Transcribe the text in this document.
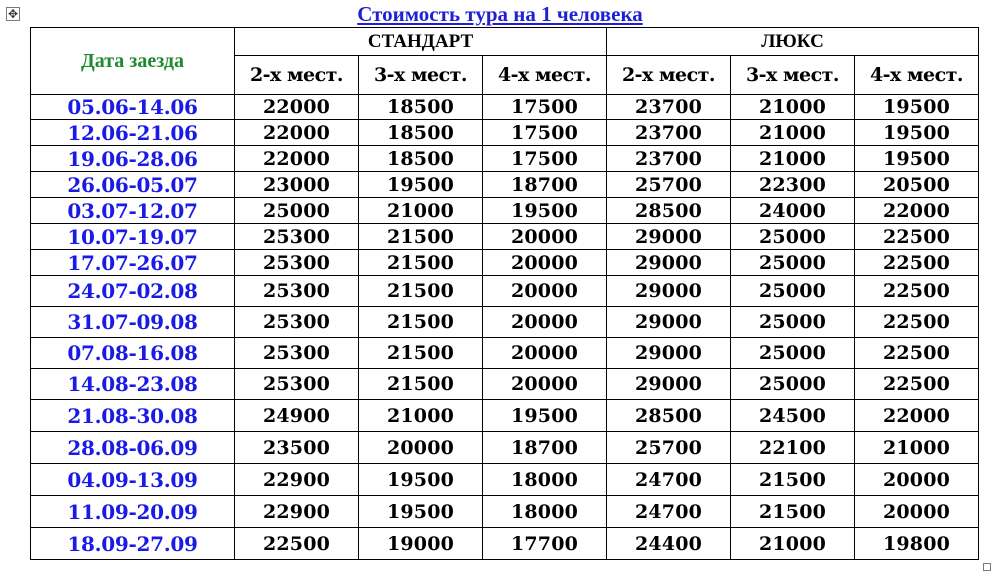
✥	Стоимость тура на 1 человека
Дата заезда	СТАНДАРТ			ЛЮКС		
	2-х мест.	3-х мест.	4-х мест.	2-х мест.	3-х мест.	4-х мест.
05.06-14.06	22000	18500	17500	23700	21000	19500
12.06-21.06	22000	18500	17500	23700	21000	19500
19.06-28.06	22000	18500	17500	23700	21000	19500
26.06-05.07	23000	19500	18700	25700	22300	20500
03.07-12.07	25000	21000	19500	28500	24000	22000
10.07-19.07	25300	21500	20000	29000	25000	22500
17.07-26.07	25300	21500	20000	29000	25000	22500
24.07-02.08	25300	21500	20000	29000	25000	22500
31.07-09.08	25300	21500	20000	29000	25000	22500
07.08-16.08	25300	21500	20000	29000	25000	22500
14.08-23.08	25300	21500	20000	29000	25000	22500
21.08-30.08	24900	21000	19500	28500	24500	22000
28.08-06.09	23500	20000	18700	25700	22100	21000
04.09-13.09	22900	19500	18000	24700	21500	20000
11.09-20.09	22900	19500	18000	24700	21500	20000
18.09-27.09	22500	19000	17700	24400	21000	19800
